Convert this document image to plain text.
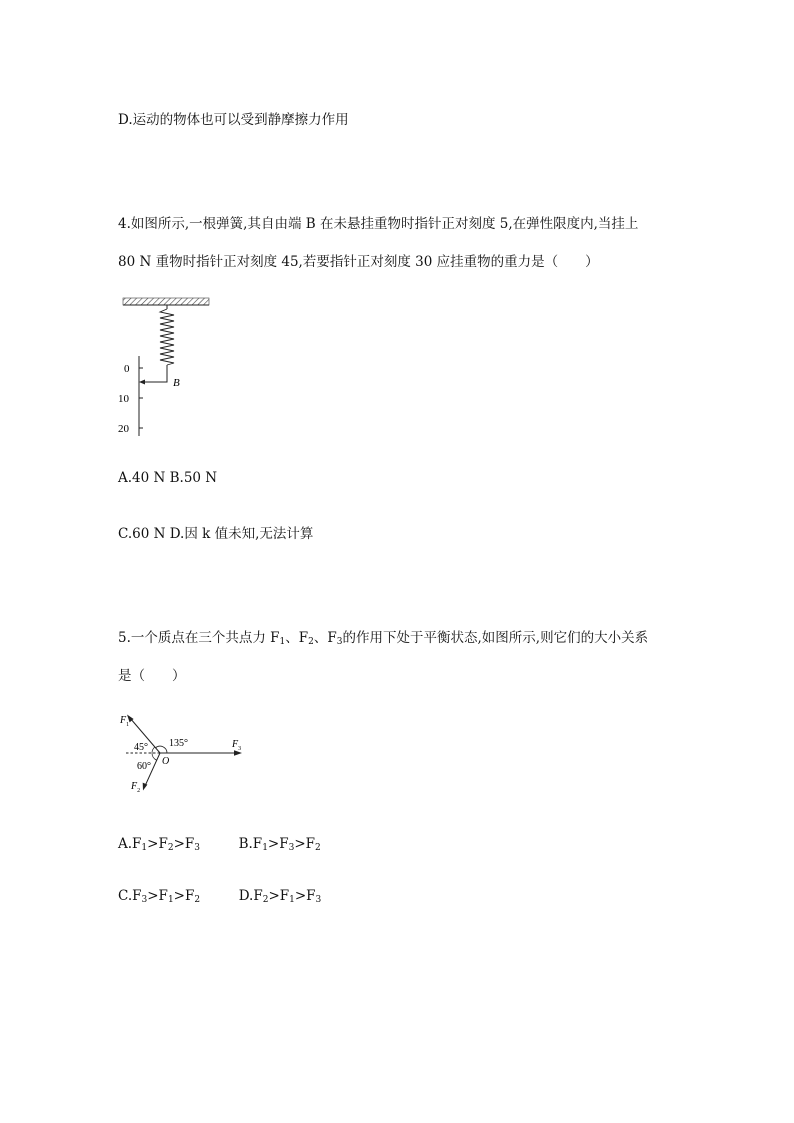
D.运动的物体也可以受到静摩擦力作用
4.如图所示,一根弹簧,其自由端 B 在未悬挂重物时指针正对刻度 5,在弹性限度内,当挂上
80 N 重物时指针正对刻度 45,若要指针正对刻度 30 应挂重物的重力是（　　）
0
10
20
B
A.40 N B.50 N
C.60 N D.因 k 值未知,无法计算
5.一个质点在三个共点力 $F_1$、$F_2$、$F_3$的作用下处于平衡状态,如图所示,则它们的大小关系
是（　　）
$F_1$
$F_2$
$F_3$
O
45° 135°
60°
$A.F_1>F_2>F_3$	$B.F_1>F_3>F_2$
$C.F_3>F_1>F_2$	$D.F_2>F_1>F_3$
